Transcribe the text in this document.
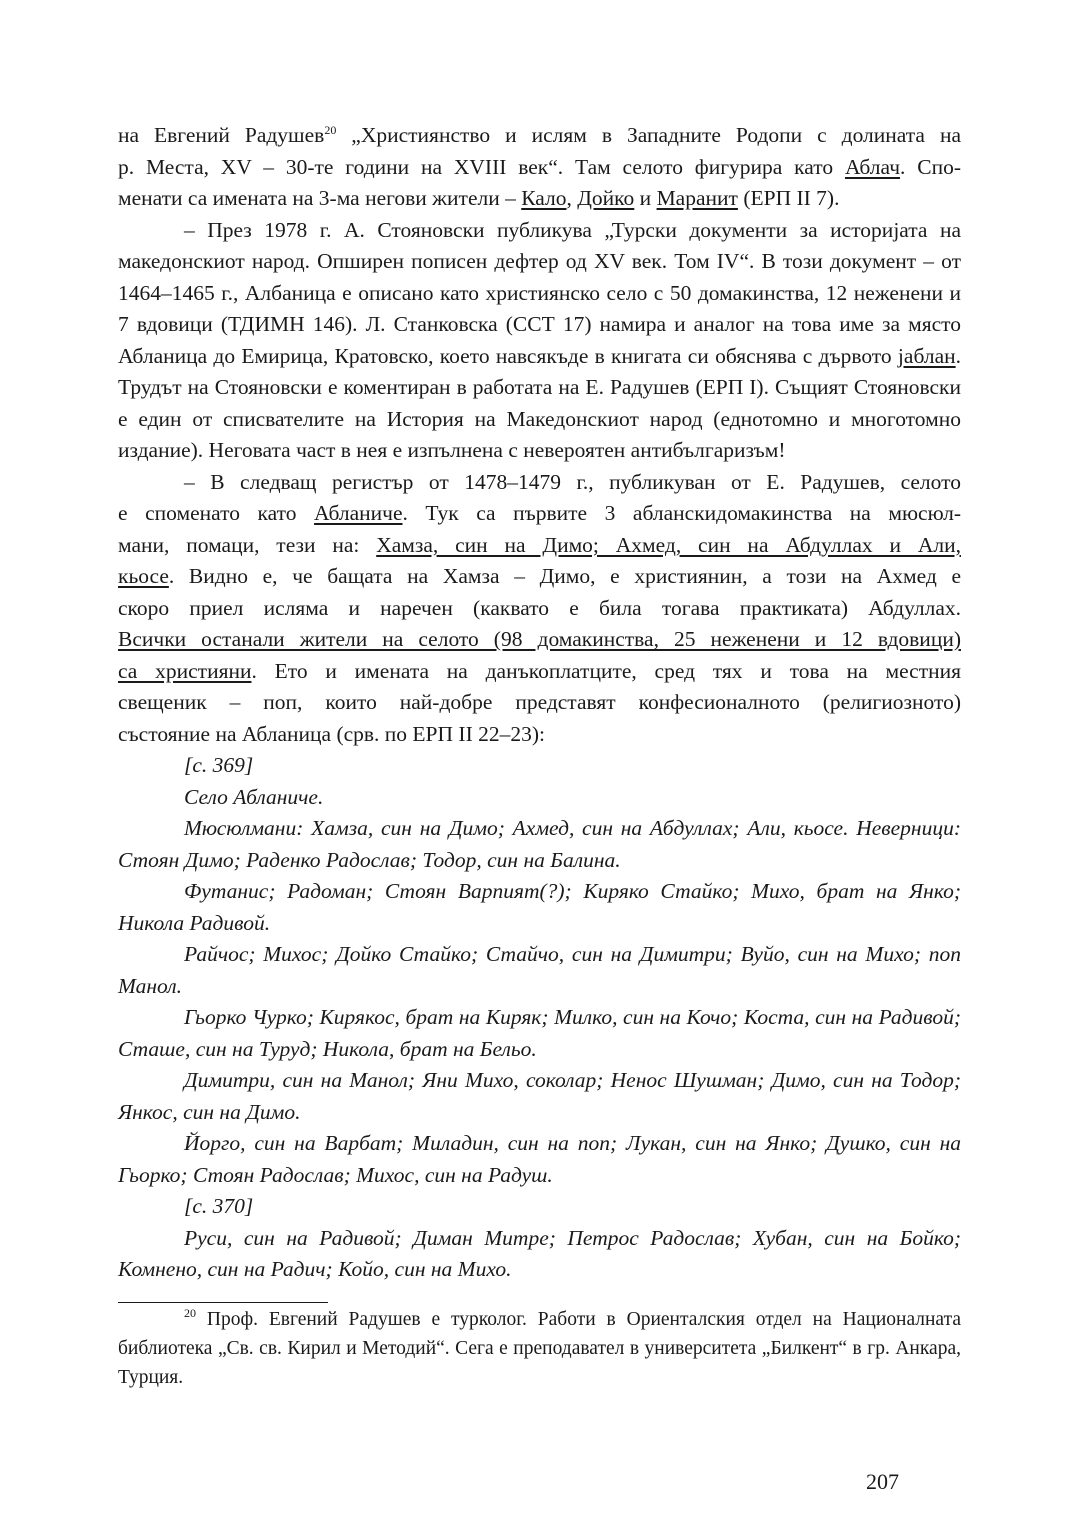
на Евгений Радушев$^{20}$ „Християнство и ислям в Западните Родопи с долината на
р. Места, XV – 30-те години на XVIII век“. Там селото фигурира като Аблач. Спо-
менати са имената на 3-ма негови жители – Кало, Дойко и Маранит (ЕРП II 7).

– През 1978 г. А. Стояновски публикува „Турски документи за историјата на македонскиот народ. Опширен пописен дефтер од XV век. Том IV“. В този документ – от 1464–1465 г., Албаница е описано като християнско село с 50 домакинства, 12 неженени и 7 вдовици (ТДИМН 146). Л. Станковска (ССТ 17) намира и аналог на това име за място Абланица до Емирица, Кратовско, което навсякъде в книгата си обяснява с дървото јаблан. Трудът на Стояновски е коментиран в работата на Е. Радушев (ЕРП I). Същият Стояновски е един от списвателите на История на Македонскиот народ (еднотомно и многотомно издание). Неговата част в нея е изпълнена с невероятен антибългаризъм!

– В следващ регистър от 1478–1479 г., публикуван от Е. Радушев, селото
е споменато като Абланиче. Тук са първите 3 абланскидомакинства на мюсюл-
мани, помаци, тези на: Хамза, син на Димо; Ахмед, син на Абдуллах и Али,
кьосе. Видно е, че бащата на Хамза – Димо, е християнин, а този на Ахмед е
скоро приел исляма и наречен (каквато е била тогава практиката) Абдуллах.
Всички останали жители на селото (98 домакинства, 25 неженени и 12 вдовици)
са християни. Ето и имената на данъкоплатците, сред тях и това на местния
свещеник – поп, които най-добре представят конфесионалното (религиозното)
състояние на Абланица (срв. по ЕРП II 22–23):

[с. 369]

Село Абланиче.

Мюсюлмани: Хамза, син на Димо; Ахмед, син на Абдуллах; Али, кьосе. Неверници: Стоян Димо; Раденко Радослав; Тодор, син на Балина.

Футанис; Радоман; Стоян Варпият(?); Киряко Стайко; Михо, брат на Янко; Никола Радивой.

Райчос; Михос; Дойко Стайко; Стайчо, син на Димитри; Вуйо, син на Михо; поп Манол.

Гьорко Чурко; Кирякос, брат на Киряк; Милко, син на Кочо; Коста, син на Радивой; Сташе, син на Туруд; Никола, брат на Бельо.

Димитри, син на Манол; Яни Михо, соколар; Ненос Шушман; Димо, син на Тодор; Янкос, син на Димо.

Йорго, син на Варбат; Миладин, син на поп; Лукан, син на Янко; Душко, син на Гьорко; Стоян Радослав; Михос, син на Радуш.

[с. 370]

Руси, син на Радивой; Диман Митре; Петрос Радослав; Хубан, син на Бойко; Комнено, син на Радич; Койо, син на Михо.

$^{20}$ Проф. Евгений Радушев е турколог. Работи в Ориенталския отдел на Националната библиотека „Св. св. Кирил и Методий“. Сега е преподавател в университета „Билкент“ в гр. Анкара, Турция.

207
